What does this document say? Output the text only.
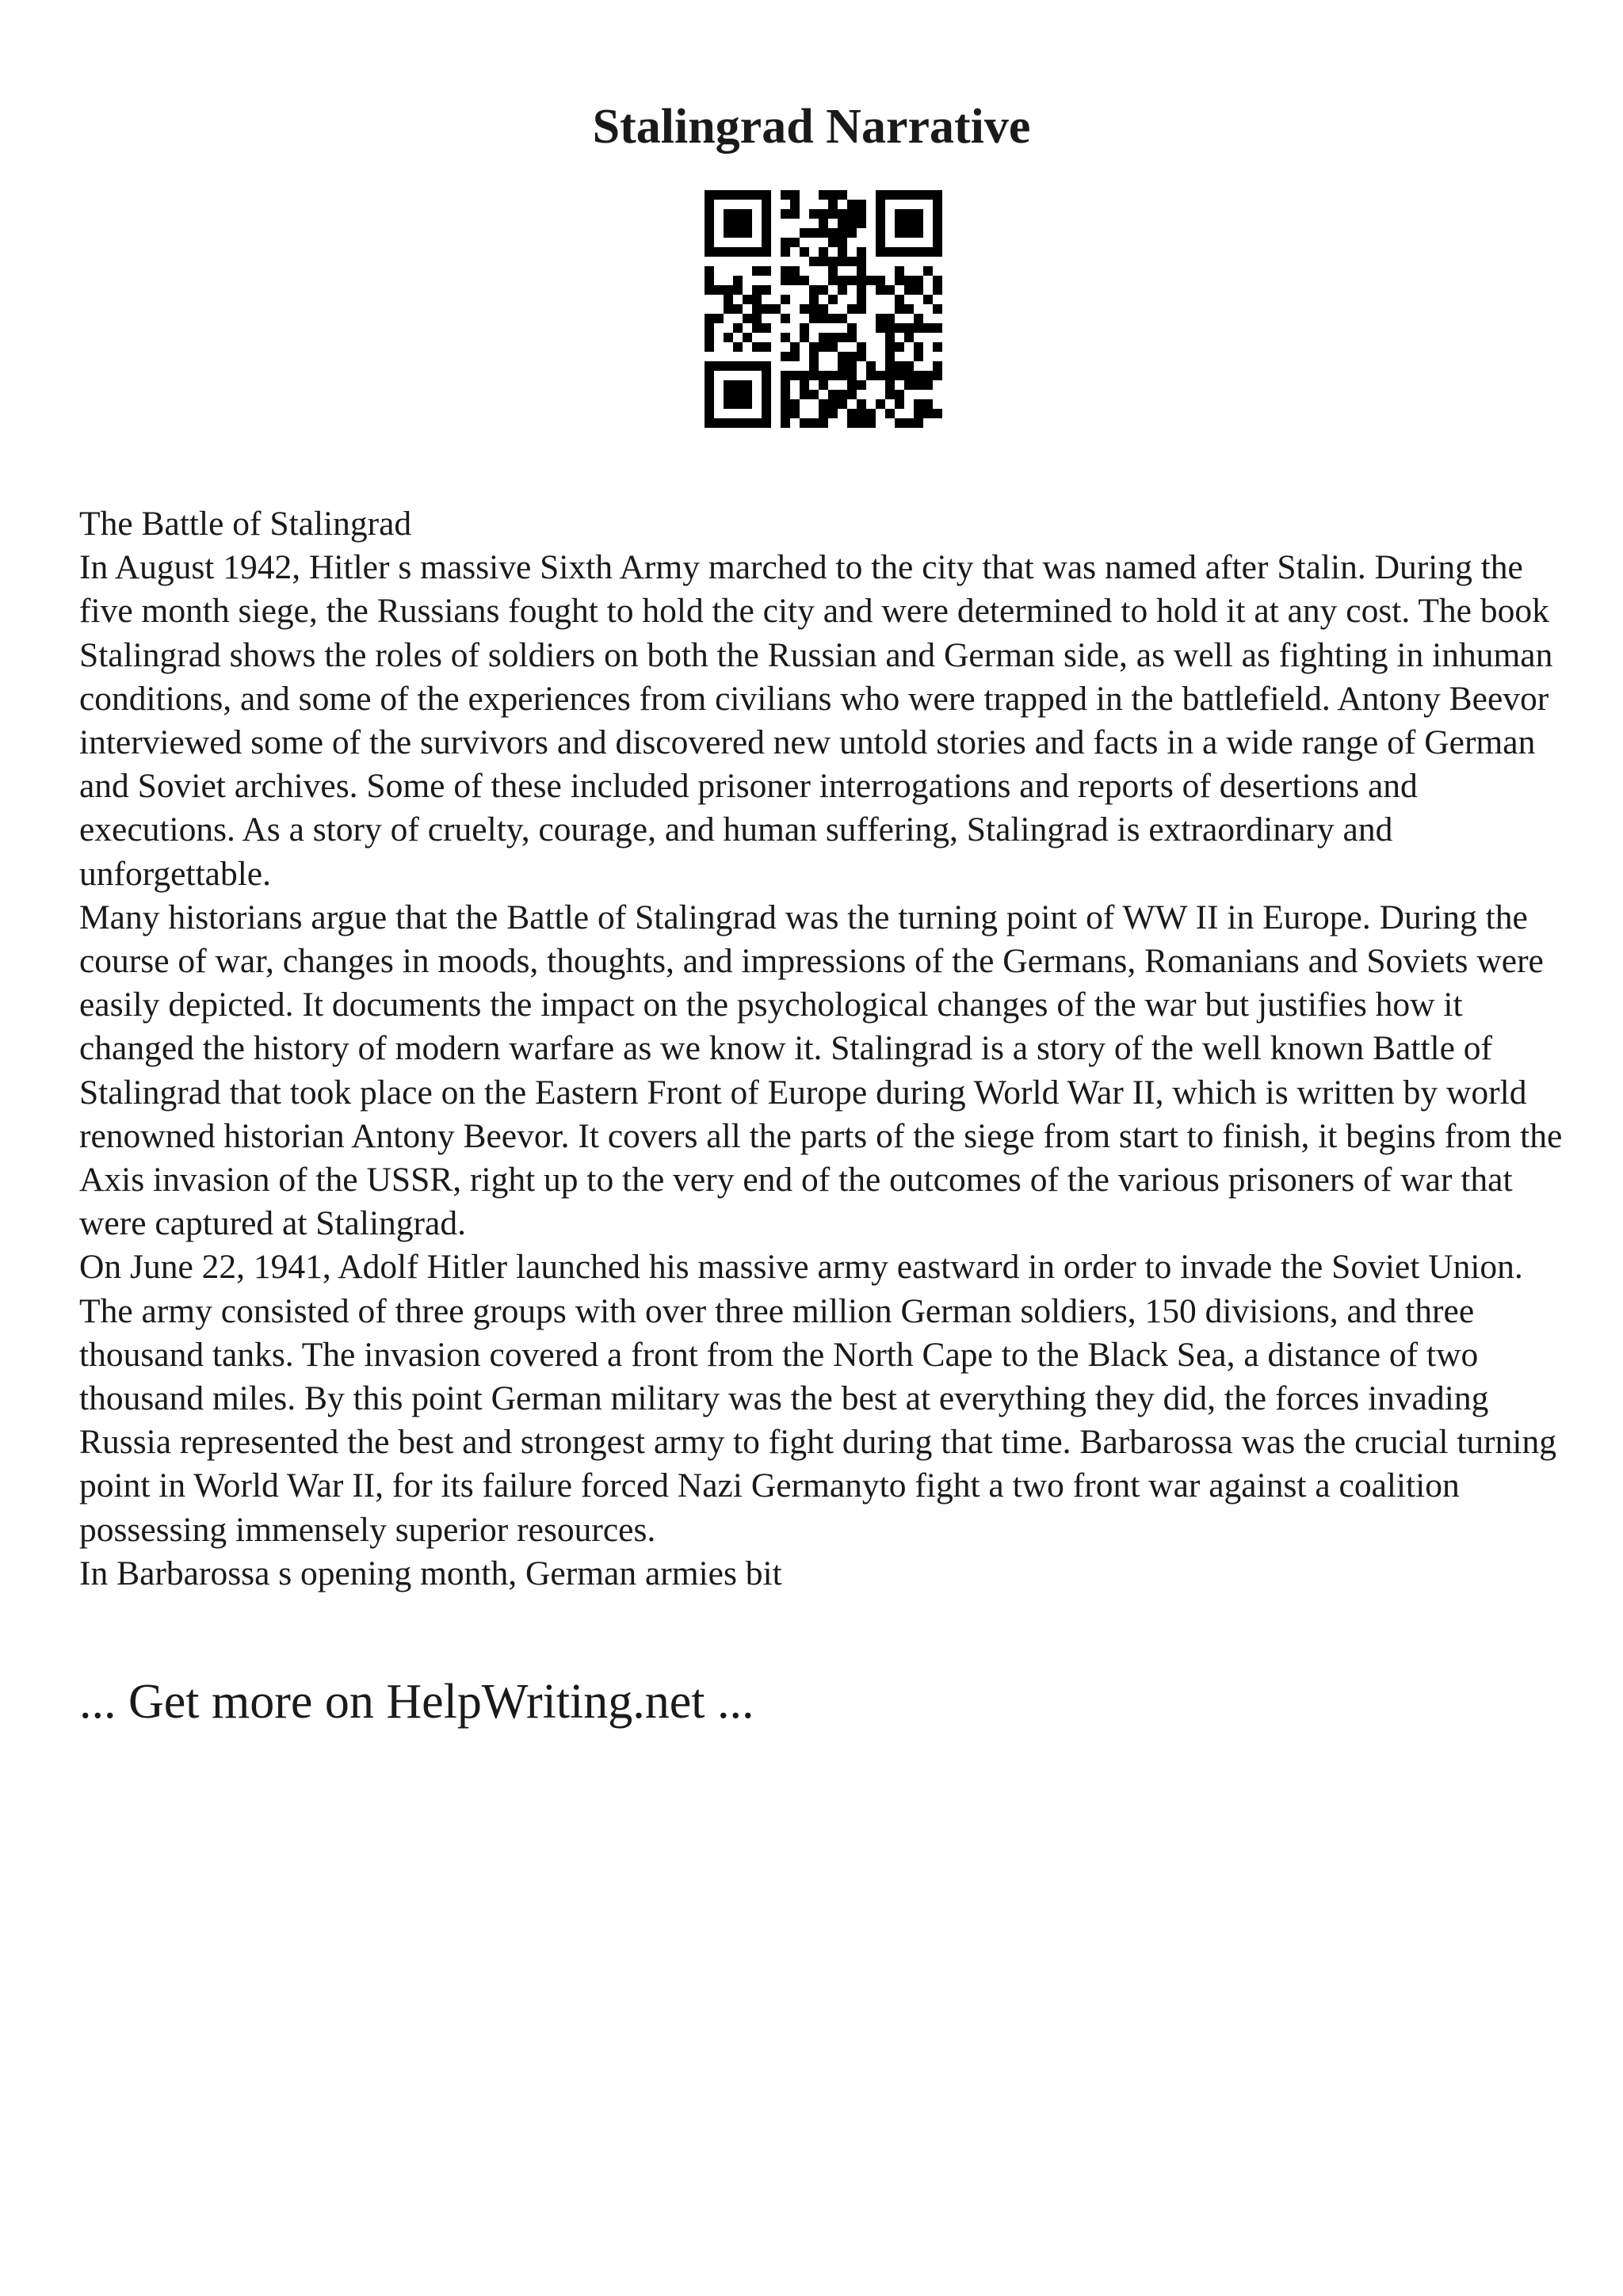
Stalingrad Narrative

The Battle of Stalingrad

In August 1942, Hitler s massive Sixth Army marched to the city that was named after Stalin. During the five month siege, the Russians fought to hold the city and were determined to hold it at any cost. The book Stalingrad shows the roles of soldiers on both the Russian and German side, as well as fighting in inhuman conditions, and some of the experiences from civilians who were trapped in the battlefield. Antony Beevor interviewed some of the survivors and discovered new untold stories and facts in a wide range of German and Soviet archives. Some of these included prisoner interrogations and reports of desertions and executions. As a story of cruelty, courage, and human suffering, Stalingrad is extraordinary and unforgettable.

Many historians argue that the Battle of Stalingrad was the turning point of WW II in Europe. During the course of war, changes in moods, thoughts, and impressions of the Germans, Romanians and Soviets were easily depicted. It documents the impact on the psychological changes of the war but justifies how it changed the history of modern warfare as we know it. Stalingrad is a story of the well known Battle of Stalingrad that took place on the Eastern Front of Europe during World War II, which is written by world renowned historian Antony Beevor. It covers all the parts of the siege from start to finish, it begins from the Axis invasion of the USSR, right up to the very end of the outcomes of the various prisoners of war that were captured at Stalingrad.

On June 22, 1941, Adolf Hitler launched his massive army eastward in order to invade the Soviet Union. The army consisted of three groups with over three million German soldiers, 150 divisions, and three thousand tanks. The invasion covered a front from the North Cape to the Black Sea, a distance of two thousand miles. By this point German military was the best at everything they did, the forces invading Russia represented the best and strongest army to fight during that time. Barbarossa was the crucial turning point in World War II, for its failure forced Nazi Germanyto fight a two front war against a coalition possessing immensely superior resources.

In Barbarossa s opening month, German armies bit

... Get more on HelpWriting.net ...
